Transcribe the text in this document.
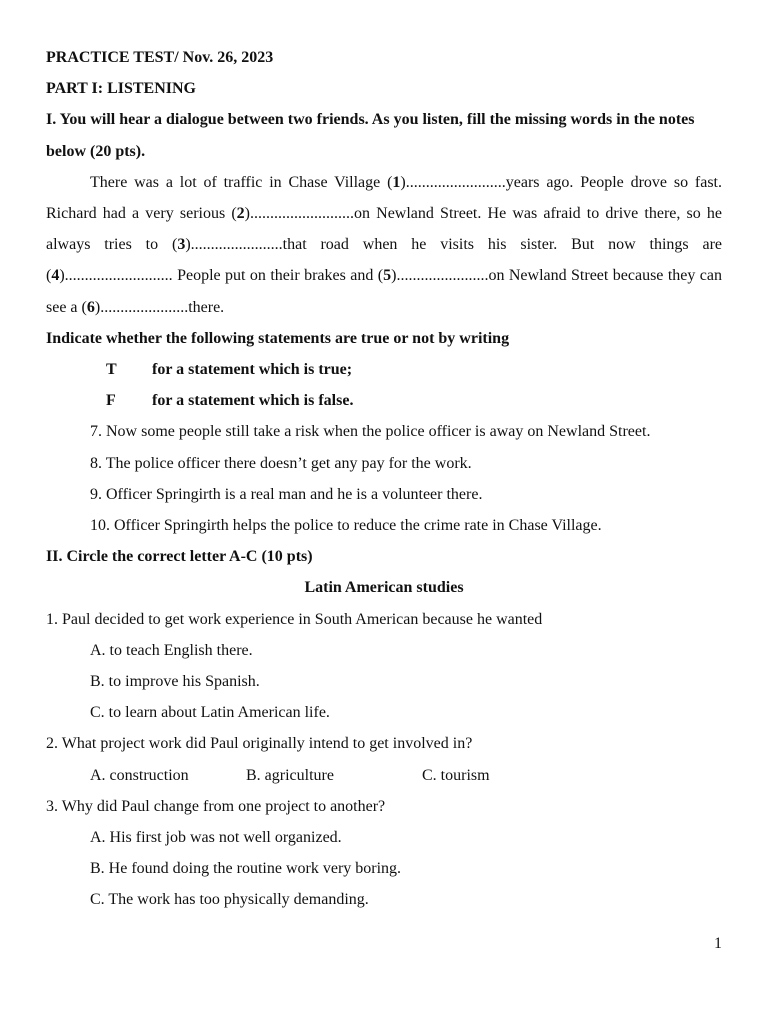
PRACTICE TEST/ Nov. 26, 2023

PART I: LISTENING

I. You will hear a dialogue between two friends. As you listen, fill the missing words in the notes below (20 pts).

There was a lot of traffic in Chase Village (1).........................years ago. People drove so fast. Richard had a very serious (2)..........................on Newland Street. He was afraid to drive there, so he always tries to (3).......................that road when he visits his sister. But now things are (4)........................... People put on their brakes and (5).......................on Newland Street because they can see a (6)......................there.

Indicate whether the following statements are true or not by writing

T for a statement which is true;

F for a statement which is false.

7. Now some people still take a risk when the police officer is away on Newland Street.

8. The police officer there doesn’t get any pay for the work.

9. Officer Springirth is a real man and he is a volunteer there.

10. Officer Springirth helps the police to reduce the crime rate in Chase Village.

II. Circle the correct letter A-C (10 pts)

Latin American studies

1. Paul decided to get work experience in South American because he wanted

A. to teach English there.

B. to improve his Spanish.

C. to learn about Latin American life.

2. What project work did Paul originally intend to get involved in?

A. construction	B. agriculture	C. tourism

3. Why did Paul change from one project to another?

A. His first job was not well organized.

B. He found doing the routine work very boring.

C. The work has too physically demanding.

1
